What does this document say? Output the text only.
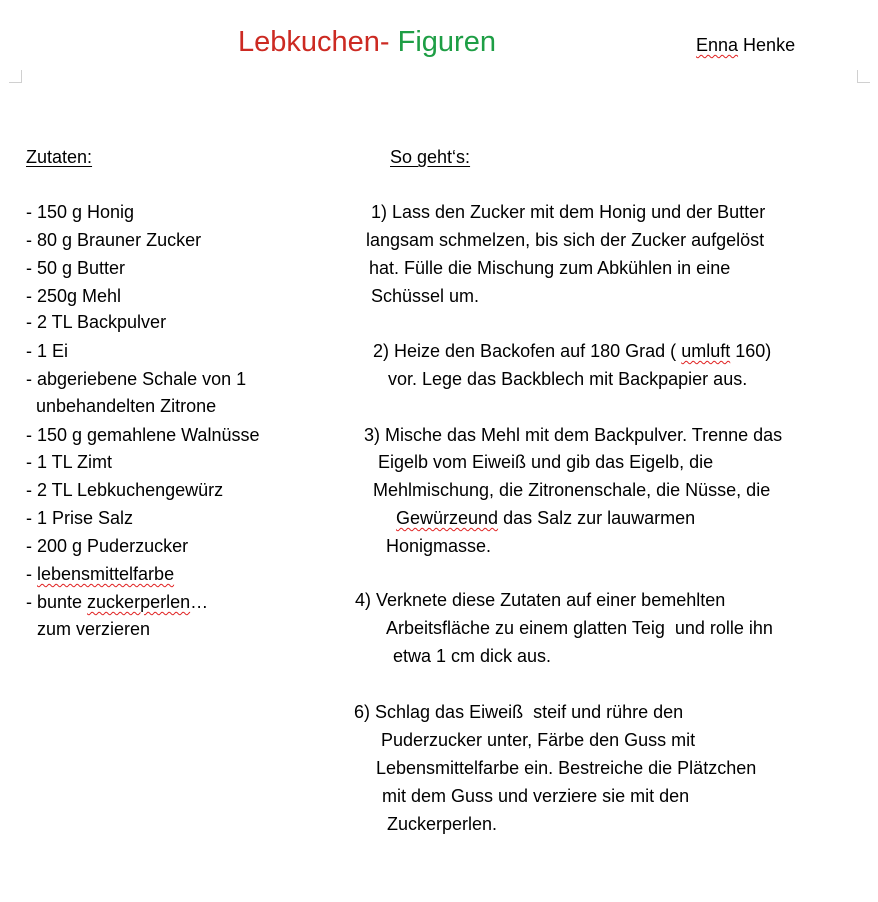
Lebkuchen- Figuren	Enna Henke
Zutaten:
- 150 g Honig
- 80 g Brauner Zucker
- 50 g Butter
- 250g Mehl
- 2 TL Backpulver
- 1 Ei
- abgeriebene Schale von 1
unbehandelten Zitrone
- 150 g gemahlene Walnüsse
- 1 TL Zimt
- 2 TL Lebkuchengewürz
- 1 Prise Salz
- 200 g Puderzucker
- lebensmittelfarbe
- bunte zuckerperlen…
zum verzieren
So geht‘s:
1) Lass den Zucker mit dem Honig und der Butter
langsam schmelzen, bis sich der Zucker aufgelöst
hat. Fülle die Mischung zum Abkühlen in eine
Schüssel um.
2) Heize den Backofen auf 180 Grad ( umluft 160)
vor. Lege das Backblech mit Backpapier aus.
3) Mische das Mehl mit dem Backpulver. Trenne das
Eigelb vom Eiweiß und gib das Eigelb, die
Mehlmischung, die Zitronenschale, die Nüsse, die
Gewürzeund das Salz zur lauwarmen
Honigmasse.
4) Verknete diese Zutaten auf einer bemehlten
Arbeitsfläche zu einem glatten Teig  und rolle ihn
etwa 1 cm dick aus.
6) Schlag das Eiweiß  steif und rühre den
Puderzucker unter, Färbe den Guss mit
Lebensmittelfarbe ein. Bestreiche die Plätzchen
mit dem Guss und verziere sie mit den
Zuckerperlen.
